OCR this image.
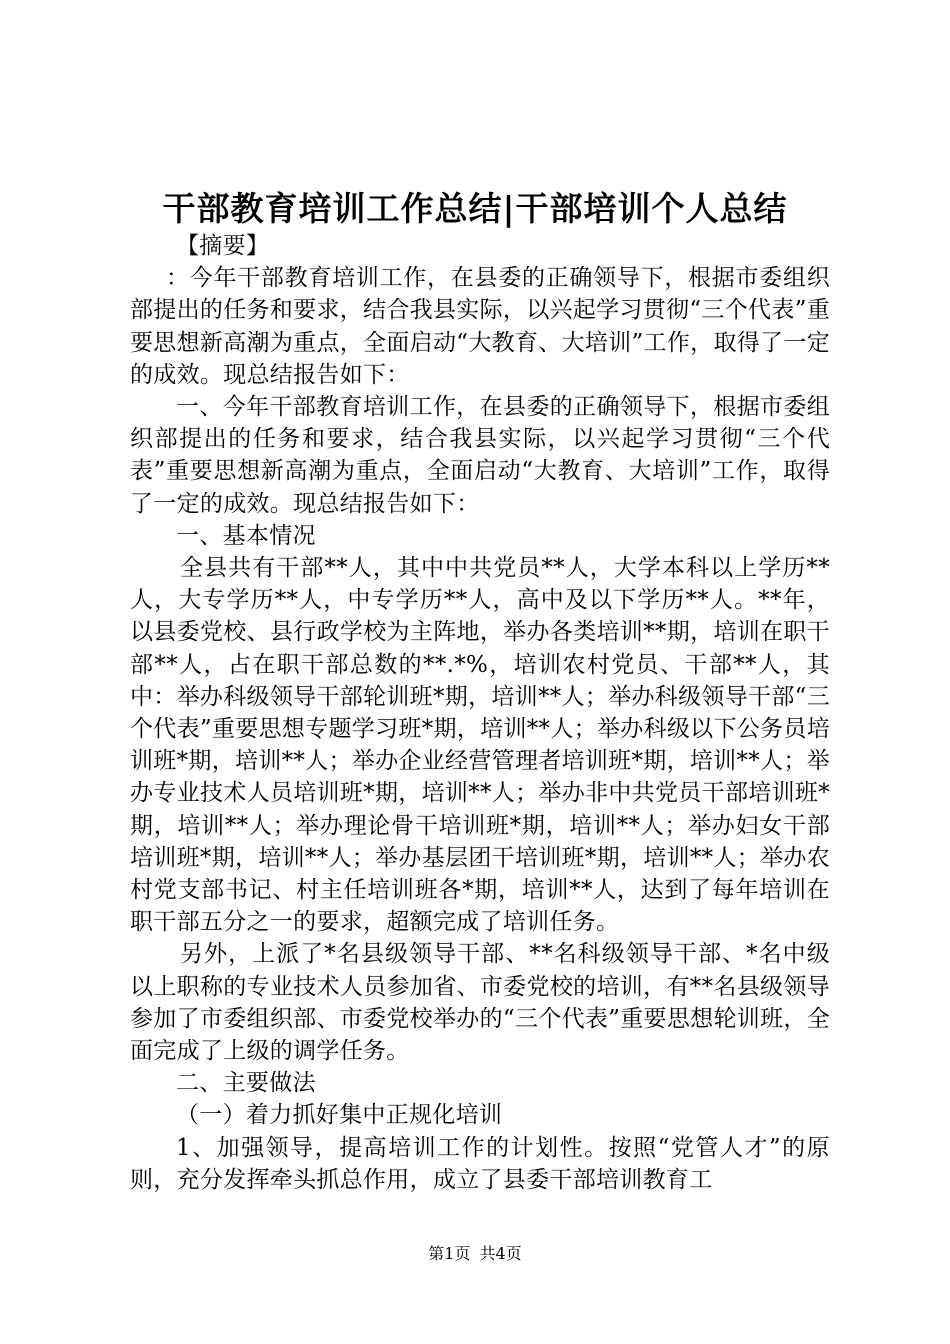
干部教育培训工作总结|干部培训个人总结

【摘要】

：今年干部教育培训工作，在县委的正确领导下，根据市委组织部提出的任务和要求，结合我县实际，以兴起学习贯彻“三个代表”重要思想新高潮为重点，全面启动“大教育、大培训”工作，取得了一定的成效。现总结报告如下：

一、今年干部教育培训工作，在县委的正确领导下，根据市委组织部提出的任务和要求，结合我县实际，以兴起学习贯彻“三个代表”重要思想新高潮为重点，全面启动“大教育、大培训”工作，取得了一定的成效。现总结报告如下：

一、基本情况

全县共有干部**人，其中中共党员**人，大学本科以上学历**人，大专学历**人，中专学历**人，高中及以下学历**人。**年，以县委党校、县行政学校为主阵地，举办各类培训**期，培训在职干部**人，占在职干部总数的**.*%，培训农村党员、干部**人，其中：举办科级领导干部轮训班*期，培训**人；举办科级领导干部“三个代表”重要思想专题学习班*期，培训**人；举办科级以下公务员培训班*期，培训**人；举办企业经营管理者培训班*期，培训**人；举办专业技术人员培训班*期，培训**人；举办非中共党员干部培训班*期，培训**人；举办理论骨干培训班*期，培训**人；举办妇女干部培训班*期，培训**人；举办基层团干培训班*期，培训**人；举办农村党支部书记、村主任培训班各*期，培训**人，达到了每年培训在职干部五分之一的要求，超额完成了培训任务。

另外，上派了*名县级领导干部、**名科级领导干部、*名中级以上职称的专业技术人员参加省、市委党校的培训，有**名县级领导参加了市委组织部、市委党校举办的“三个代表”重要思想轮训班，全面完成了上级的调学任务。

二、主要做法

（一）着力抓好集中正规化培训

1、加强领导，提高培训工作的计划性。按照“党管人才”的原则，充分发挥牵头抓总作用，成立了县委干部培训教育工

第1页 共4页
